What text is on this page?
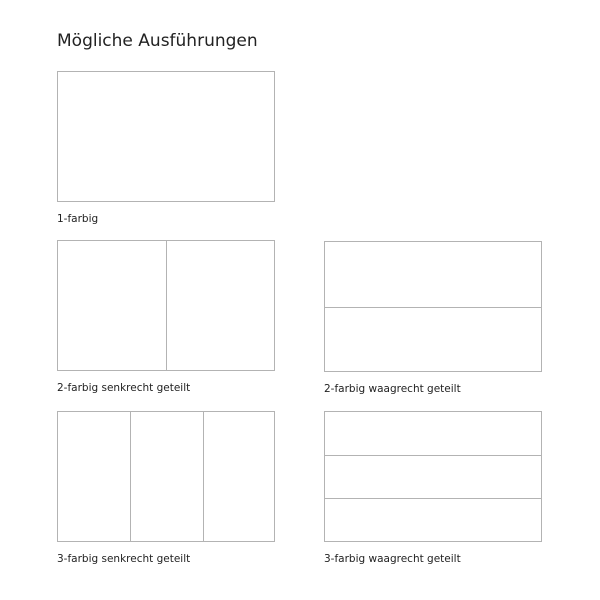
Mögliche Ausführungen
1-farbig
2-farbig senkrecht geteilt	2-farbig waagrecht geteilt
3-farbig senkrecht geteilt	3-farbig waagrecht geteilt
